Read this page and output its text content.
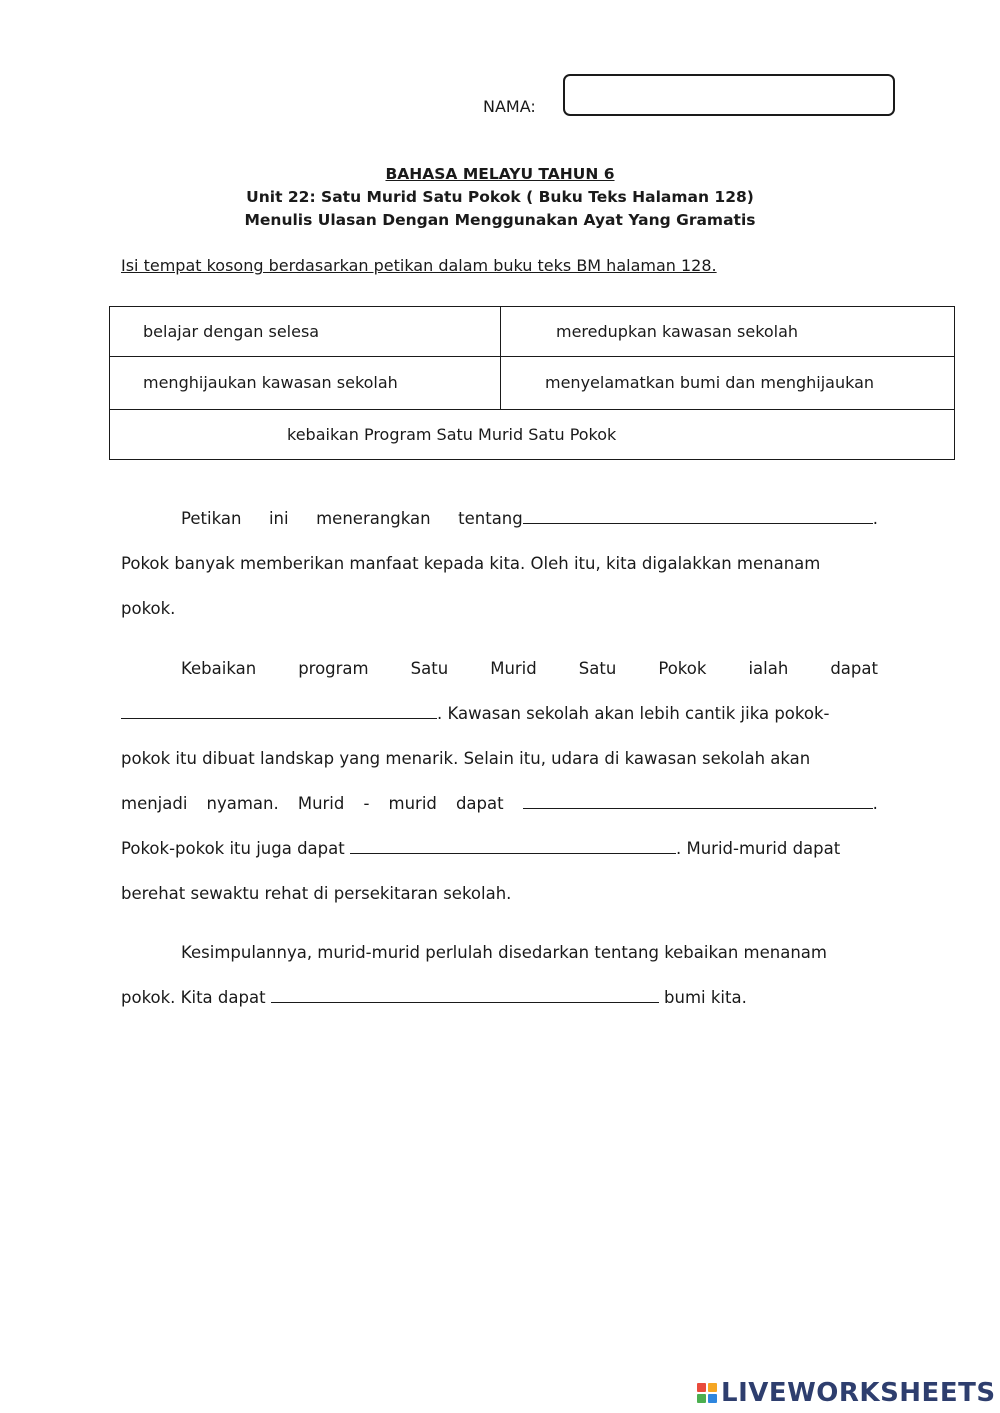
NAMA:
BAHASA MELAYU TAHUN 6
Unit 22: Satu Murid Satu Pokok ( Buku Teks Halaman 128)
Menulis Ulasan Dengan Menggunakan Ayat Yang Gramatis
Isi tempat kosong berdasarkan petikan dalam buku teks BM halaman 128.
belajar dengan selesa	meredupkan kawasan sekolah
menghijaukan kawasan sekolah	menyelamatkan bumi dan menghijaukan
kebaikan Program Satu Murid Satu Pokok
Petikan ini menerangkan tentang	.
Pokok banyak memberikan manfaat kepada kita. Oleh itu, kita digalakkan menanam
pokok.
Kebaikan	program	Satu	Murid	Satu	Pokok	ialah	dapat
. Kawasan sekolah akan lebih cantik jika pokok-
pokok itu dibuat landskap yang menarik. Selain itu, udara di kawasan sekolah akan
menjadi nyaman. Murid - murid dapat	.
Pokok-pokok itu juga dapat	. Murid-murid dapat
berehat sewaktu rehat di persekitaran sekolah.
Kesimpulannya, murid-murid perlulah disedarkan tentang kebaikan menanam
pokok. Kita dapat	bumi kita.
LIVEWORKSHEETS
